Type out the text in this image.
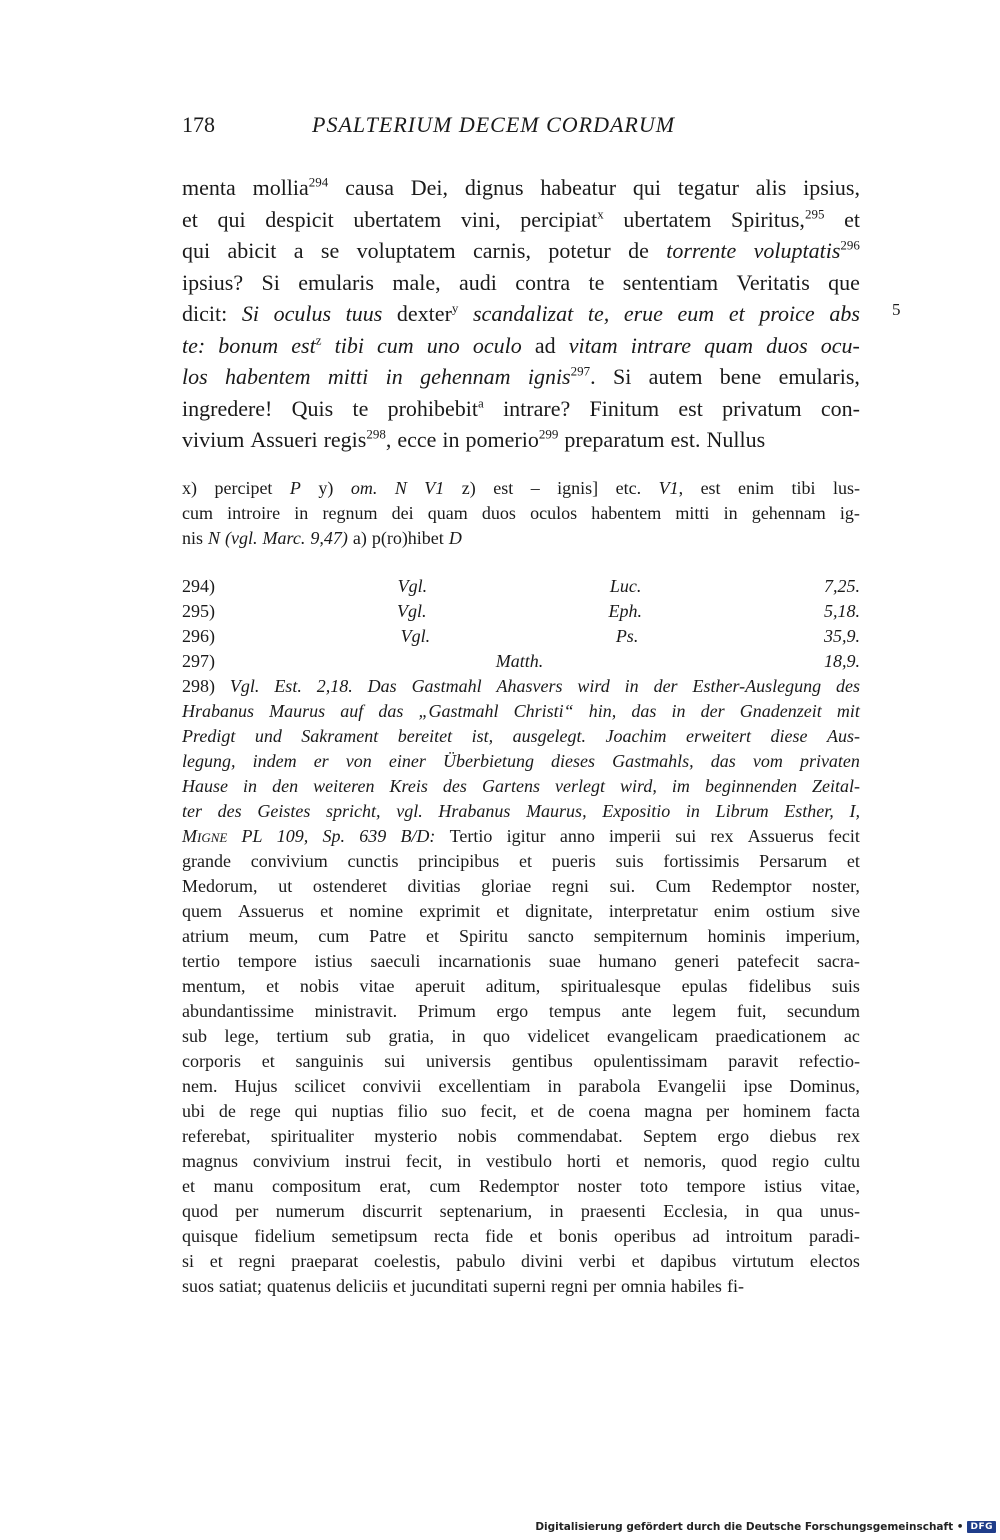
178	PSALTERIUM DECEM CORDARUM
menta mollia$^{294}$ causa Dei, dignus habeatur qui tegatur alis ipsius,
et qui despicit ubertatem vini, percipiat$^x$ ubertatem Spiritus,$^{295}$ et
qui abicit a se voluptatem carnis, potetur de torrente voluptatis$^{296}$
ipsius? Si emularis male, audi contra te sententiam Veritatis que
dicit: Si oculus tuus dexter$^y$ scandalizat te, erue eum et proice abs
te: bonum est$^z$ tibi cum uno oculo ad vitam intrare quam duos ocu-
los habentem mitti in gehennam ignis$^{297}$. Si autem bene emularis,
ingredere! Quis te prohibebit$^a$ intrare? Finitum est privatum con-
vivium Assueri regis$^{298}$, ecce in pomerio$^{299}$ preparatum est. Nullus
5
x) percipet P y) om. N V1 z) est – ignis] etc. V1, est enim tibi lus-
cum introire in regnum dei quam duos oculos habentem mitti in gehennam ig-
nis N (vgl. Marc. 9,47) a) p(ro)hibet D
294)	Vgl.	Luc.	7,25.
295)	Vgl.	Eph.	5,18.
296)	Vgl.	Ps.	35,9.
297)	Matth.	18,9.
298) Vgl. Est. 2,18. Das Gastmahl Ahasvers wird in der Esther-Auslegung des
Hrabanus Maurus auf das „Gastmahl Christi“ hin, das in der Gnadenzeit mit
Predigt und Sakrament bereitet ist, ausgelegt. Joachim erweitert diese Aus-
legung, indem er von einer Überbietung dieses Gastmahls, das vom privaten
Hause in den weiteren Kreis des Gartens verlegt wird, im beginnenden Zeital-
ter des Geistes spricht, vgl. Hrabanus Maurus, Expositio in Librum Esther, I,
Migne PL 109, Sp. 639 B/D: Tertio igitur anno imperii sui rex Assuerus fecit
grande convivium cunctis principibus et pueris suis fortissimis Persarum et
Medorum, ut ostenderet divitias gloriae regni sui. Cum Redemptor noster,
quem Assuerus et nomine exprimit et dignitate, interpretatur enim ostium sive
atrium meum, cum Patre et Spiritu sancto sempiternum hominis imperium,
tertio tempore istius saeculi incarnationis suae humano generi patefecit sacra-
mentum, et nobis vitae aperuit aditum, spiritualesque epulas fidelibus suis
abundantissime ministravit. Primum ergo tempus ante legem fuit, secundum
sub lege, tertium sub gratia, in quo videlicet evangelicam praedicationem ac
corporis et sanguinis sui universis gentibus opulentissimam paravit refectio-
nem. Hujus scilicet convivii excellentiam in parabola Evangelii ipse Dominus,
ubi de rege qui nuptias filio suo fecit, et de coena magna per hominem facta
referebat, spiritualiter mysterio nobis commendabat. Septem ergo diebus rex
magnus convivium instrui fecit, in vestibulo horti et nemoris, quod regio cultu
et manu compositum erat, cum Redemptor noster toto tempore istius vitae,
quod per numerum discurrit septenarium, in praesenti Ecclesia, in qua unus-
quisque fidelium semetipsum recta fide et bonis operibus ad introitum paradi-
si et regni praeparat coelestis, pabulo divini verbi et dapibus virtutum electos
suos satiat; quatenus deliciis et jucunditati superni regni per omnia habiles fi-
Digitalisierung gefördert durch die Deutsche Forschungsgemeinschaft • DFG
